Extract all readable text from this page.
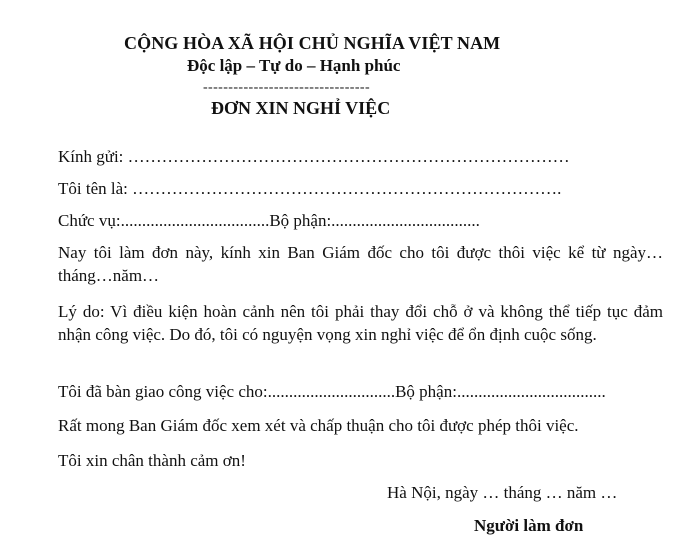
CỘNG HÒA XÃ HỘI CHỦ NGHĨA VIỆT NAM
Độc lập – Tự do – Hạnh phúc
---------------------------------
ĐƠN XIN NGHỈ VIỆC
Kính gửi: ……………………………………………………………………
Tôi tên là: ………………………………………………………………….
Chức vụ:...................................Bộ phận:...................................
Nay tôi làm đơn này, kính xin Ban Giám đốc cho tôi được thôi việc kể từ ngày…tháng…năm…
Lý do: Vì điều kiện hoàn cảnh nên tôi phải thay đổi chỗ ở và không thể tiếp tục đảm nhận công việc. Do đó, tôi có nguyện vọng xin nghỉ việc để ổn định cuộc sống.
Tôi đã bàn giao công việc cho:..............................Bộ phận:...................................
Rất mong Ban Giám đốc xem xét và chấp thuận cho tôi được phép thôi việc.
Tôi xin chân thành cảm ơn!
Hà Nội, ngày … tháng … năm …
Người làm đơn
